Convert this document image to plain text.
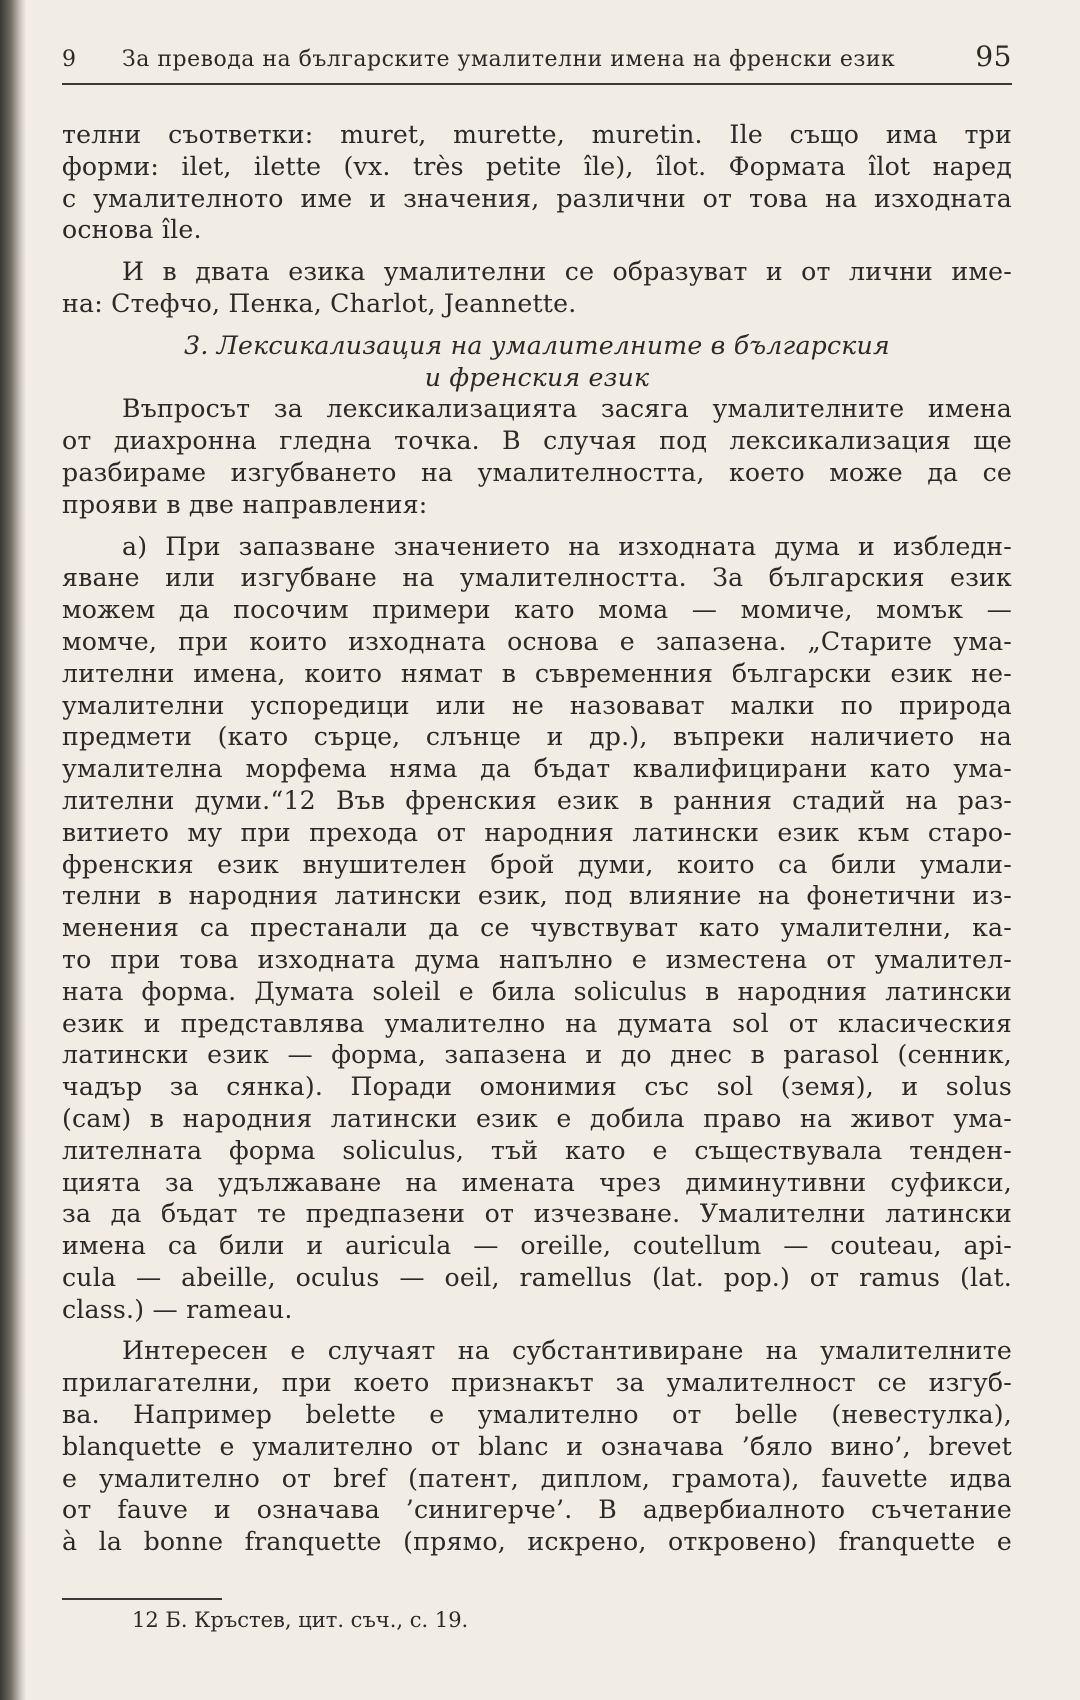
9	За превода на българските умалителни имена на френски език	95
телни съответки: muret, murette, muretin. Ile също има три
форми: ilet, ilette (vx. très petite île), îlot. Формата îlot наред
с умалителното име и значения, различни от това на изходната
основа île.
И в двата езика умалителни се образуват и от лични име-
на: Стефчо, Пенка, Charlot, Jeannette.
3. Лексикализация на умалителните в българския
и френския език
Въпросът за лексикализацията засяга умалителните имена
от диахронна гледна точка. В случая под лексикализация ще
разбираме изгубването на умалителността, което може да се
прояви в две направления:
а) При запазване значението на изходната дума и избледн-
яване или изгубване на умалителността. За българския език
можем да посочим примери като мома — момиче, момък —
момче, при които изходната основа е запазена. „Старите ума-
лителни имена, които нямат в съвременния български език не-
умалителни успоредици или не назовават малки по природа
предмети (като сърце, слънце и др.), въпреки наличието на
умалителна морфема няма да бъдат квалифицирани като ума-
лителни думи.“12 Във френския език в ранния стадий на раз-
витието му при прехода от народния латински език към старо-
френския език внушителен брой думи, които са били умали-
телни в народния латински език, под влияние на фонетични из-
менения са престанали да се чувствуват като умалителни, ка-
то при това изходната дума напълно е изместена от умалител-
ната форма. Думата soleil е била soliculus в народния латински
език и представлява умалително на думата sol от класическия
латински език — форма, запазена и до днес в parasol (сенник,
чадър за сянка). Поради омонимия със sol (земя), и solus
(сам) в народния латински език е добила право на живот ума-
лителната форма soliculus, тъй като е съществувала тенден-
цията за удължаване на имената чрез диминутивни суфикси,
за да бъдат те предпазени от изчезване. Умалителни латински
имена са били и auricula — oreille, coutellum — couteau, api-
cula — abeille, oculus — oeil, ramellus (lat. pop.) от ramus (lat.
class.) — rameau.
Интересен е случаят на субстантивиране на умалителните
прилагателни, при което признакът за умалителност се изгуб-
ва. Например belette е умалително от belle (невестулка),
blanquette е умалително от blanc и означава ’бяло вино’, brevet
е умалително от bref (патент, диплом, грамота), fauvette идва
от fauve и означава ’синигерче’. В адвербиалното съчетание
à la bonne franquette (прямо, искрено, откровено) franquette е
12 Б. Кръстев, цит. съч., с. 19.
